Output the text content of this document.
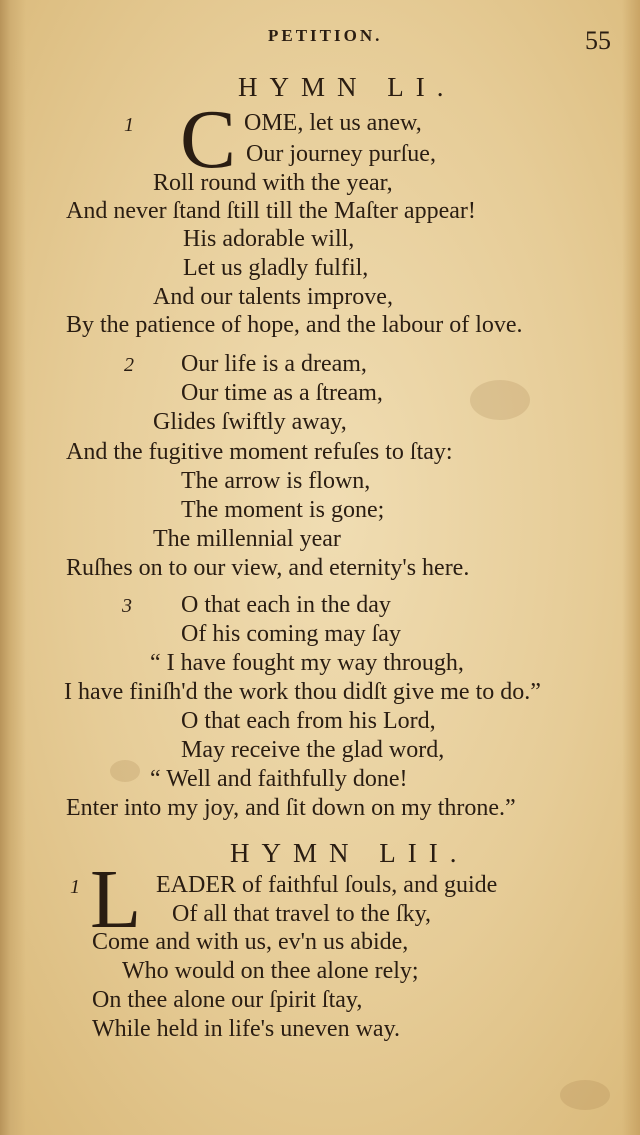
PETITION.	55
HYMN LI.
1 C OME, let us anew,
Our journey purſue,
Roll round with the year,
And never ſtand ſtill till the Maſter appear!
His adorable will,
Let us gladly fulfil,
And our talents improve,
By the patience of hope, and the labour of love.
2 Our life is a dream,
Our time as a ſtream,
Glides ſwiftly away,
And the fugitive moment refuſes to ſtay:
The arrow is flown,
The moment is gone;
The millennial year
Ruſhes on to our view, and eternity's here.
3 O that each in the day
Of his coming may ſay
“ I have fought my way through,
I have finiſh'd the work thou didſt give me to do.”
O that each from his Lord,
May receive the glad word,
“ Well and faithfully done!
Enter into my joy, and ſit down on my throne.”
HYMN LII.
1 L EADER of faithful ſouls, and guide
Of all that travel to the ſky,
Come and with us, ev'n us abide,
Who would on thee alone rely;
On thee alone our ſpirit ſtay,
While held in life's uneven way.
